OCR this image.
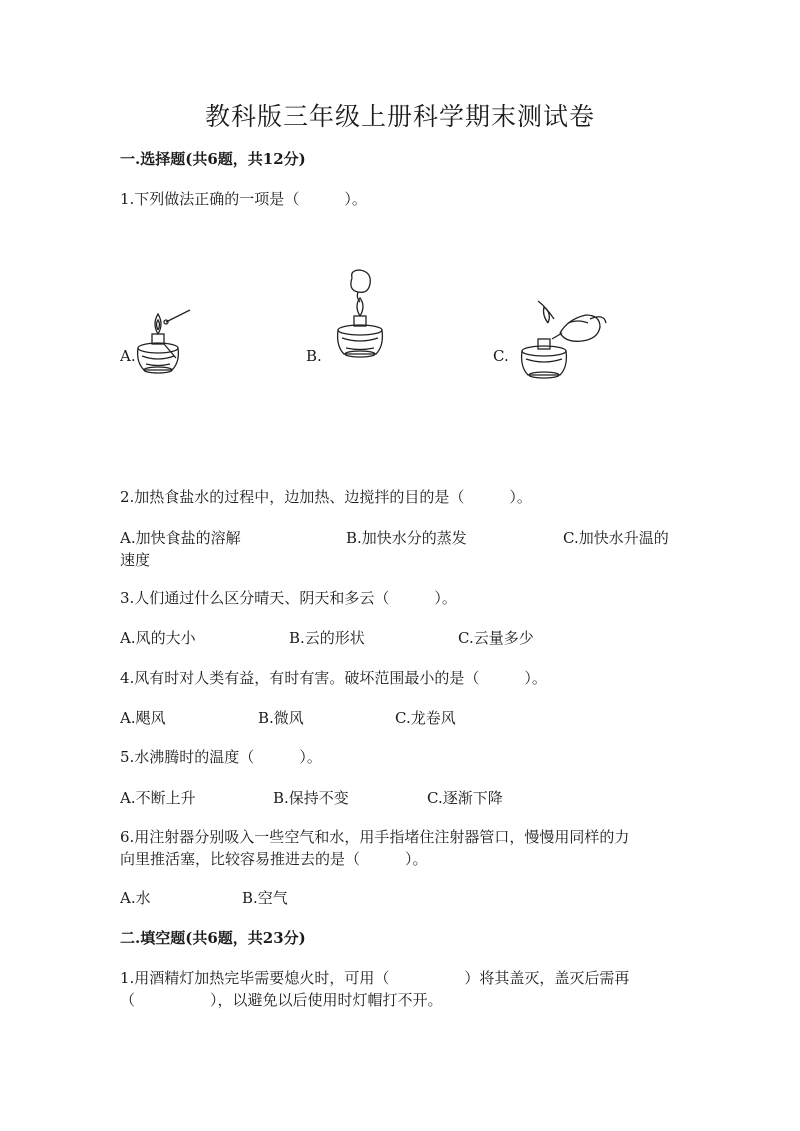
教科版三年级上册科学期末测试卷
一.选择题(共6题，共12分)
1.下列做法正确的一项是（　　　）。
A.	B.	C.
2.加热食盐水的过程中，边加热、边搅拌的目的是（　　　）。
A.加快食盐的溶解	B.加快水分的蒸发	C.加快水升温的
速度
3.人们通过什么区分晴天、阴天和多云（　　　）。
A.风的大小	B.云的形状	C.云量多少
4.风有时对人类有益，有时有害。破坏范围最小的是（　　　）。
A.飓风	B.微风	C.龙卷风
5.水沸腾时的温度（　　　）。
A.不断上升	B.保持不变	C.逐渐下降
6.用注射器分别吸入一些空气和水，用手指堵住注射器管口，慢慢用同样的力
向里推活塞，比较容易推进去的是（　　　）。
A.水	B.空气
二.填空题(共6题，共23分)
1.用酒精灯加热完毕需要熄火时，可用（　　　　　）将其盖灭，盖灭后需再
（　　　　　），以避免以后使用时灯帽打不开。
